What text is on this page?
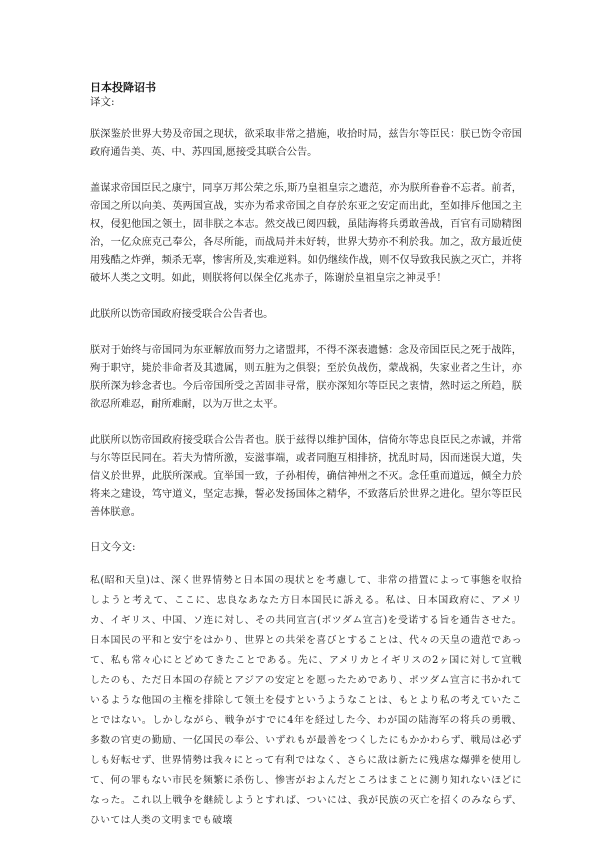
日本投降诏书

译文:

朕深鉴於世界大势及帝国之现状，欲采取非常之措施，收拾时局，兹告尔等臣民：朕已饬令帝国政府通告美、英、中、苏四国,愿接受其联合公告。

盖谋求帝国臣民之康宁，同享万邦公荣之乐,斯乃皇祖皇宗之遗范，亦为朕所眷眷不忘者。前者，帝国之所以向美、英两国宣战，实亦为希求帝国之自存於东亚之安定而出此，至如排斥他国之主权，侵犯他国之领土，固非朕之本志。然交战已阅四载，虽陆海将兵勇敢善战，百官有司励精图治，一亿众庶克己奉公，各尽所能，而战局并未好转，世界大势亦不利於我。加之，敌方最近使用残酷之炸弹，频杀无辜，惨害所及,实难逆料。如仍继续作战，则不仅导致我民族之灭亡，并将破坏人类之文明。如此，则朕将何以保全亿兆赤子，陈谢於皇祖皇宗之神灵乎！

此朕所以饬帝国政府接受联合公告者也。

朕对于始终与帝国同为东亚解放而努力之诸盟邦，不得不深表遗憾：念及帝国臣民之死于战阵，殉于职守，毙於非命者及其遗属，则五脏为之俱裂；至於负战伤，蒙战祸，失家业者之生计，亦朕所深为轸念者也。今后帝国所受之苦固非寻常，朕亦深知尔等臣民之衷情，然时运之所趋，朕欲忍所难忍，耐所难耐，以为万世之太平。

此朕所以饬帝国政府接受联合公告者也。朕于兹得以维护国体，信倚尔等忠良臣民之赤诚，并常与尔等臣民同在。若夫为情所激，妄滋事端，或者同胞互相排挤，扰乱时局，因而迷误大道，失信义於世界，此朕所深戒。宜举国一致，子孙相传，确信神州之不灭。念任重而道远，倾全力於将来之建设，笃守道义，坚定志操，誓必发扬国体之精华，不致落后於世界之进化。望尔等臣民善体朕意。

日文今文:

私(昭和天皇)は、深く世界情勢と日本国の現状とを考慮して、非常の措置によって事態を収拾しようと考えて、ここに、忠良なあなた方日本国民に訴える。私は、日本国政府に、アメリカ、イギリス、中国、ソ连に対し、その共同宣言(ポツダム宣言)を受诺する旨を通告させた。日本国民の平和と安宁をはかり、世界との共栄を喜びとすることは、代々の天皇の遗范であって、私も常々心にとどめてきたことである。先に、アメリカとイギリスの2ヶ国に対して宣戦したのも、ただ日本国の存続とアジアの安定とを愿ったためであり、ポツダム宣言に书かれているような他国の主権を排除して领土を侵すというようなことは、もとより私の考えていたことではない。しかしながら、戦争がすでに4年を経过した今、わが国の陆海军の将兵の勇戦、多数の官吏の勤励、一亿国民の奉公、いずれもが最善をつくしたにもかかわらず、戦局は必ずしも好転せず、世界情勢は我々にとって有利ではなく、さらに敌は新たに残虐な爆弾を使用して、何の罪もない市民を频繁に杀伤し、惨害がおよんだところはまことに测り知れないほどになった。これ以上戦争を継続しようとすれば、ついには、我が民族の灭亡を招くのみならず、ひいては人类の文明までも破壊
